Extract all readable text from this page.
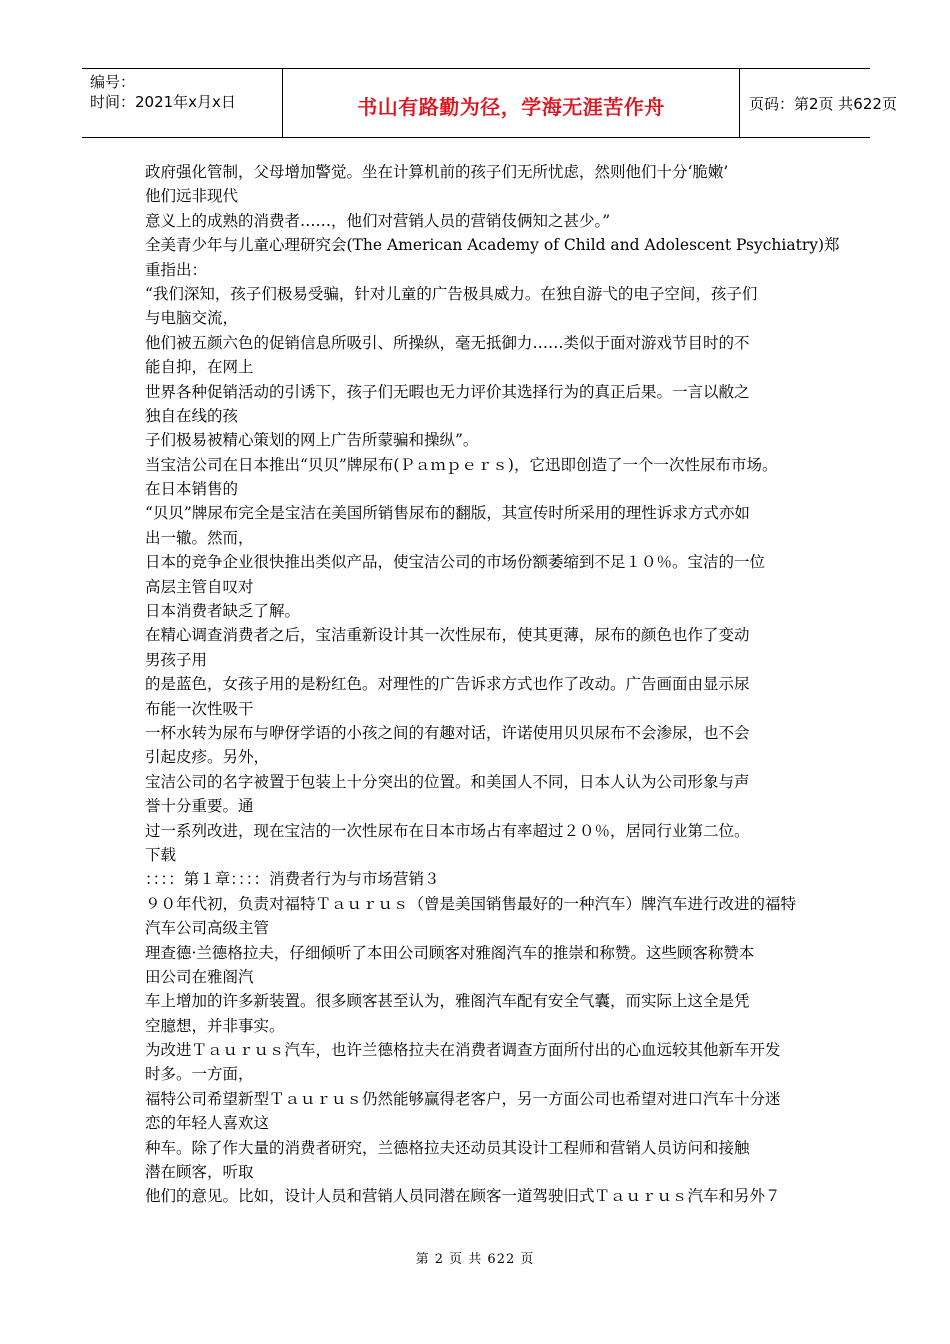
编号：
时间：2021年x月x日	书山有路勤为径，学海无涯苦作舟	页码：第2页 共622页
政府强化管制，父母增加警觉。坐在计算机前的孩子们无所忧虑，然则他们十分‘脆嫩’
他们远非现代
意义上的成熟的消费者……，他们对营销人员的营销伎俩知之甚少。”
全美青少年与儿童心理研究会(The American Academy of Child and Adolescent Psychiatry)郑
重指出：
“我们深知，孩子们极易受骗，针对儿童的广告极具威力。在独自游弋的电子空间，孩子们
与电脑交流，
他们被五颜六色的促销信息所吸引、所操纵，毫无抵御力……类似于面对游戏节目时的不
能自抑，在网上
世界各种促销活动的引诱下，孩子们无暇也无力评价其选择行为的真正后果。一言以敝之
独自在线的孩
子们极易被精心策划的网上广告所蒙骗和操纵”。
当宝洁公司在日本推出“贝贝”牌尿布(Ｐａｍｐｅｒｓ)，它迅即创造了一个一次性尿布市场。
在日本销售的
“贝贝”牌尿布完全是宝洁在美国所销售尿布的翻版，其宣传时所采用的理性诉求方式亦如
出一辙。然而，
日本的竞争企业很快推出类似产品，使宝洁公司的市场份额萎缩到不足１０％。宝洁的一位
高层主管自叹对
日本消费者缺乏了解。
在精心调查消费者之后，宝洁重新设计其一次性尿布，使其更薄，尿布的颜色也作了变动
男孩子用
的是蓝色，女孩子用的是粉红色。对理性的广告诉求方式也作了改动。广告画面由显示尿
布能一次性吸干
一杯水转为尿布与咿伢学语的小孩之间的有趣对话，许诺使用贝贝尿布不会渗尿，也不会
引起皮疹。另外，
宝洁公司的名字被置于包装上十分突出的位置。和美国人不同，日本人认为公司形象与声
誉十分重要。通
过一系列改进，现在宝洁的一次性尿布在日本市场占有率超过２０％，居同行业第二位。
下载
：：：：第１章：：：：消费者行为与市场营销３
９０年代初，负责对福特Ｔａｕｒｕｓ（曾是美国销售最好的一种汽车）牌汽车进行改进的福特
汽车公司高级主管
理查德·兰德格拉夫，仔细倾听了本田公司顾客对雅阁汽车的推崇和称赞。这些顾客称赞本
田公司在雅阁汽
车上增加的许多新装置。很多顾客甚至认为，雅阁汽车配有安全气囊，而实际上这全是凭
空臆想，并非事实。
为改进Ｔａｕｒｕｓ汽车，也许兰德格拉夫在消费者调查方面所付出的心血远较其他新车开发
时多。一方面，
福特公司希望新型Ｔａｕｒｕｓ仍然能够赢得老客户，另一方面公司也希望对进口汽车十分迷
恋的年轻人喜欢这
种车。除了作大量的消费者研究，兰德格拉夫还动员其设计工程师和营销人员访问和接触
潜在顾客，听取
他们的意见。比如，设计人员和营销人员同潜在顾客一道驾驶旧式Ｔａｕｒｕｓ汽车和另外７
第 2 页 共 622 页
